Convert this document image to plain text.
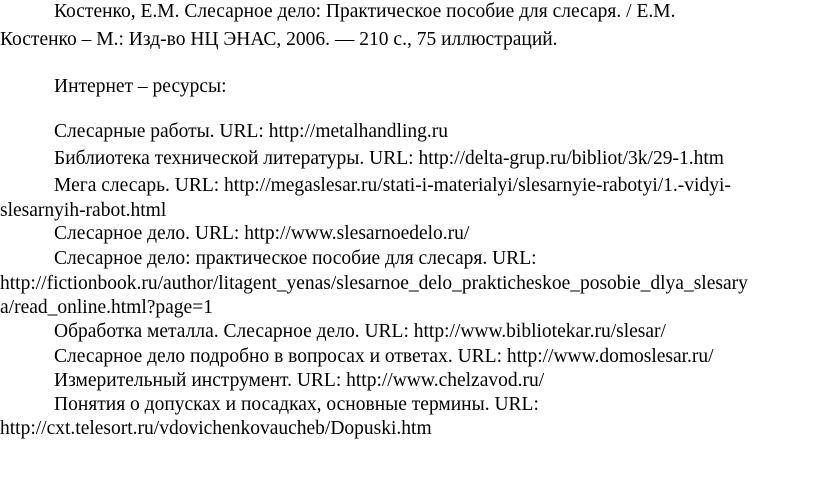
Костенко, Е.М. Слесарное дело: Практическое пособие для слесаря. / Е.М.
Костенко – М.: Изд-во НЦ ЭНАС, 2006. ― 210 с., 75 иллюстраций.
Интернет – ресурсы:
Слесарные работы. URL: http://metalhandling.ru
Библиотека технической литературы. URL: http://delta-grup.ru/bibliot/3k/29-1.htm
Мега слесарь. URL: http://megaslesar.ru/stati-i-materialyi/slesarnyie-rabotyi/1.-vidyi-
slesarnyih-rabot.html
Слесарное дело. URL: http://www.slesarnoedelo.ru/
Слесарное дело: практическое пособие для слесаря. URL:
http://fictionbook.ru/author/litagent_yenas/slesarnoe_delo_prakticheskoe_posobie_dlya_slesary
a/read_online.html?page=1
Обработка металла. Слесарное дело. URL: http://www.bibliotekar.ru/slesar/
Слесарное дело подробно в вопросах и ответах. URL: http://www.domoslesar.ru/
Измерительный инструмент. URL: http://www.chelzavod.ru/
Понятия о допусках и посадках, основные термины. URL:
http://cxt.telesort.ru/vdovichenkovaucheb/Dopuski.htm
